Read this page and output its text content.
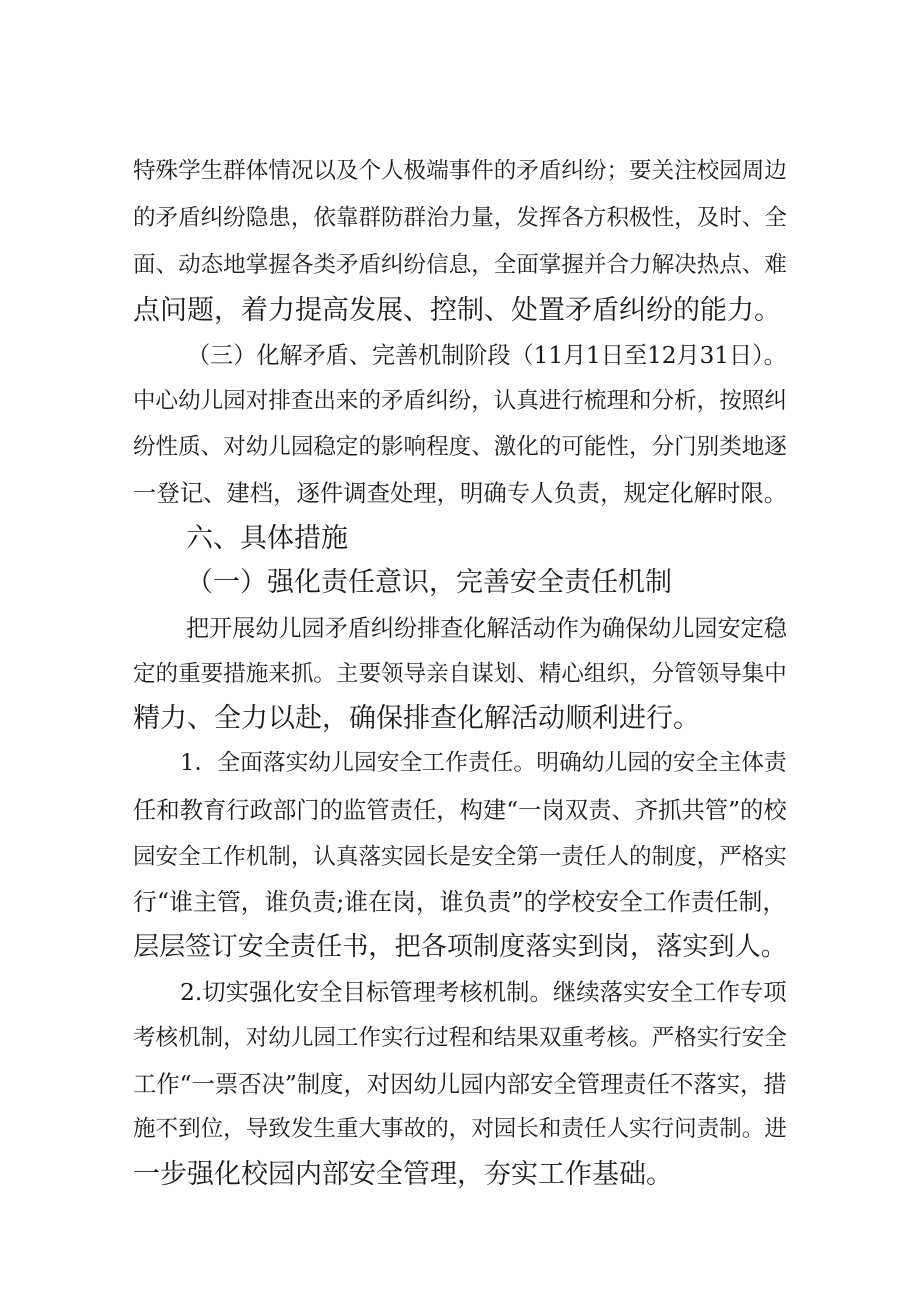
特殊学生群体情况以及个人极端事件的矛盾纠纷；要关注校园周边
的矛盾纠纷隐患，依靠群防群治力量，发挥各方积极性，及时、全
面、动态地掌握各类矛盾纠纷信息，全面掌握并合力解决热点、难
点问题，着力提高发展、控制、处置矛盾纠纷的能力。
（三）化解矛盾、完善机制阶段（11月1日至12月31日）。
中心幼儿园对排查出来的矛盾纠纷，认真进行梳理和分析，按照纠
纷性质、对幼儿园稳定的影响程度、激化的可能性，分门别类地逐
一登记、建档，逐件调查处理，明确专人负责，规定化解时限。
六、具体措施
（一）强化责任意识，完善安全责任机制
把开展幼儿园矛盾纠纷排查化解活动作为确保幼儿园安定稳
定的重要措施来抓。主要领导亲自谋划、精心组织，分管领导集中
精力、全力以赴，确保排查化解活动顺利进行。
1．全面落实幼儿园安全工作责任。明确幼儿园的安全主体责
任和教育行政部门的监管责任，构建“一岗双责、齐抓共管”的校
园安全工作机制，认真落实园长是安全第一责任人的制度，严格实
行“谁主管，谁负责;谁在岗，谁负责”的学校安全工作责任制，
层层签订安全责任书，把各项制度落实到岗，落实到人。
2.切实强化安全目标管理考核机制。继续落实安全工作专项
考核机制，对幼儿园工作实行过程和结果双重考核。严格实行安全
工作“一票否决”制度，对因幼儿园内部安全管理责任不落实，措
施不到位，导致发生重大事故的，对园长和责任人实行问责制。进
一步强化校园内部安全管理，夯实工作基础。
